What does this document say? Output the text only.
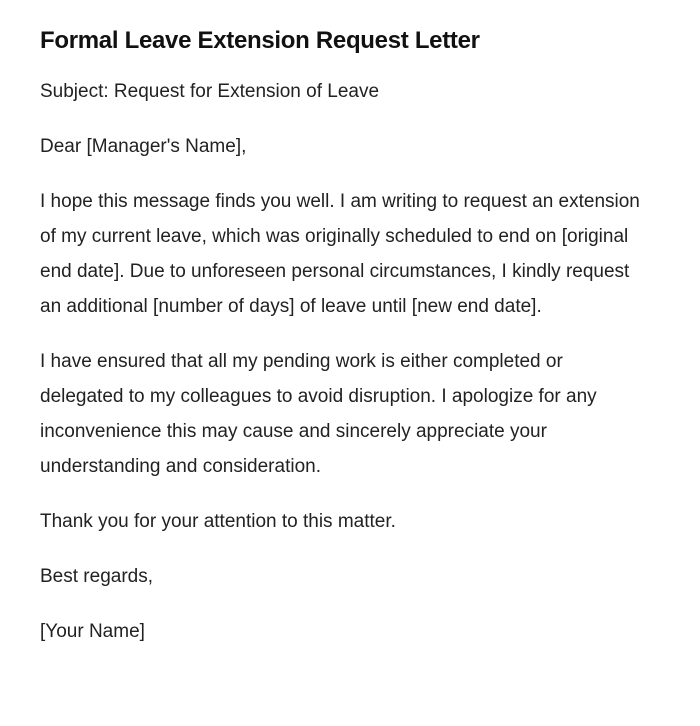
Formal Leave Extension Request Letter

Subject: Request for Extension of Leave

Dear [Manager's Name],

I hope this message finds you well. I am writing to request an extension of my current leave, which was originally scheduled to end on [original end date]. Due to unforeseen personal circumstances, I kindly request an additional [number of days] of leave until [new end date].

I have ensured that all my pending work is either completed or delegated to my colleagues to avoid disruption. I apologize for any inconvenience this may cause and sincerely appreciate your understanding and consideration.

Thank you for your attention to this matter.

Best regards,

[Your Name]
